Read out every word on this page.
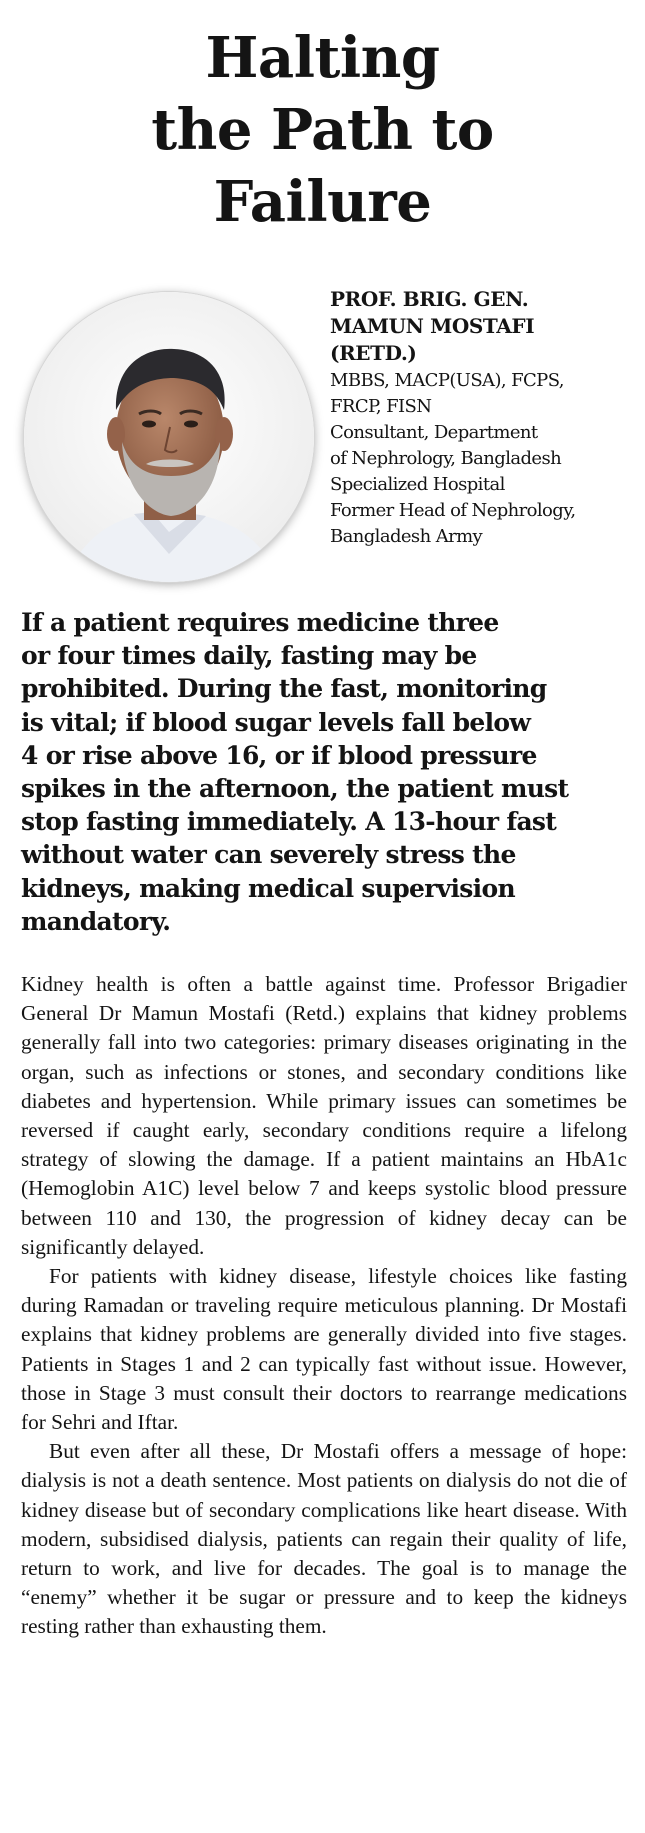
Halting
the Path to
Failure
PROF. BRIG. GEN.
MAMUN MOSTAFI
(RETD.)
MBBS, MACP(USA), FCPS,
FRCP, FISN
Consultant, Department
of Nephrology, Bangladesh
Specialized Hospital
Former Head of Nephrology,
Bangladesh Army
If a patient requires medicine three
or four times daily, fasting may be
prohibited. During the fast, monitoring
is vital; if blood sugar levels fall below
4 or rise above 16, or if blood pressure
spikes in the afternoon, the patient must
stop fasting immediately. A 13-hour fast
without water can severely stress the
kidneys, making medical supervision
mandatory.

Kidney health is often a battle against time. Professor Brigadier General Dr Mamun Mostafi (Retd.) explains that kidney problems generally fall into two categories: primary diseases originating in the organ, such as infections or stones, and secondary conditions like diabetes and hypertension. While primary issues can sometimes be reversed if caught early, secondary conditions require a lifelong strategy of slowing the damage. If a patient maintains an HbA1c (Hemoglobin A1C) level below 7 and keeps systolic blood pressure between 110 and 130, the progression of kidney decay can be significantly delayed.

For patients with kidney disease, lifestyle choices like fasting during Ramadan or traveling require meticulous planning. Dr Mostafi explains that kidney problems are generally divided into five stages. Patients in Stages 1 and 2 can typically fast without issue. However, those in Stage 3 must consult their doctors to rearrange medications for Sehri and Iftar.

But even after all these, Dr Mostafi offers a message of hope: dialysis is not a death sentence. Most patients on dialysis do not die of kidney disease but of secondary complications like heart disease. With modern, subsidised dialysis, patients can regain their quality of life, return to work, and live for decades. The goal is to manage the “enemy” whether it be sugar or pressure and to keep the kidneys resting rather than exhausting them.
